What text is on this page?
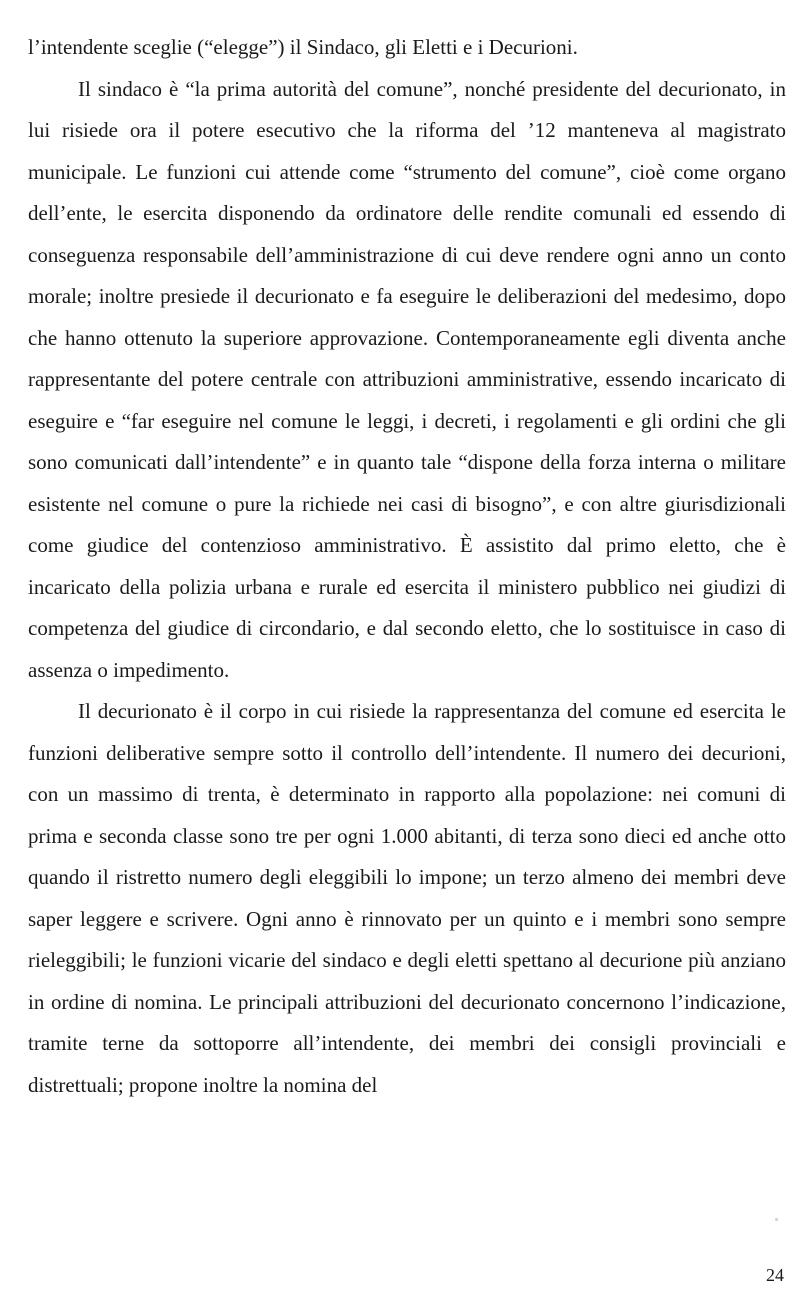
l’intendente sceglie (“elegge”) il Sindaco, gli Eletti e i Decurioni.

Il sindaco è “la prima autorità del comune”, nonché presidente del decurionato, in lui risiede ora il potere esecutivo che la riforma del ’12 manteneva al magistrato municipale. Le funzioni cui attende come “strumento del comune”, cioè come organo dell’ente, le esercita disponendo da ordinatore delle rendite comunali ed essendo di conseguenza responsabile dell’amministrazione di cui deve rendere ogni anno un conto morale; inoltre presiede il decurionato e fa eseguire le deliberazioni del medesimo, dopo che hanno ottenuto la superiore approvazione. Contemporaneamente egli diventa anche rappresentante del potere centrale con attribuzioni amministrative, essendo incaricato di eseguire e “far eseguire nel comune le leggi, i decreti, i regolamenti e gli ordini che gli sono comunicati dall’intendente” e in quanto tale “dispone della forza interna o militare esistente nel comune o pure la richiede nei casi di bisogno”, e con altre giurisdizionali come giudice del contenzioso amministrativo. È assistito dal primo eletto, che è incaricato della polizia urbana e rurale ed esercita il ministero pubblico nei giudizi di competenza del giudice di circondario, e dal secondo eletto, che lo sostituisce in caso di assenza o impedimento.

Il decurionato è il corpo in cui risiede la rappresentanza del comune ed esercita le funzioni deliberative sempre sotto il controllo dell’intendente. Il numero dei decurioni, con un massimo di trenta, è determinato in rapporto alla popolazione: nei comuni di prima e seconda classe sono tre per ogni 1.000 abitanti, di terza sono dieci ed anche otto quando il ristretto numero degli eleggibili lo impone; un terzo almeno dei membri deve saper leggere e scrivere. Ogni anno è rinnovato per un quinto e i membri sono sempre rieleggibili; le funzioni vicarie del sindaco e degli eletti spettano al decurione più anziano in ordine di nomina. Le principali attribuzioni del decurionato concernono l’indicazione, tramite terne da sottoporre all’intendente, dei membri dei consigli provinciali e distrettuali; propone inoltre la nomina del

24
